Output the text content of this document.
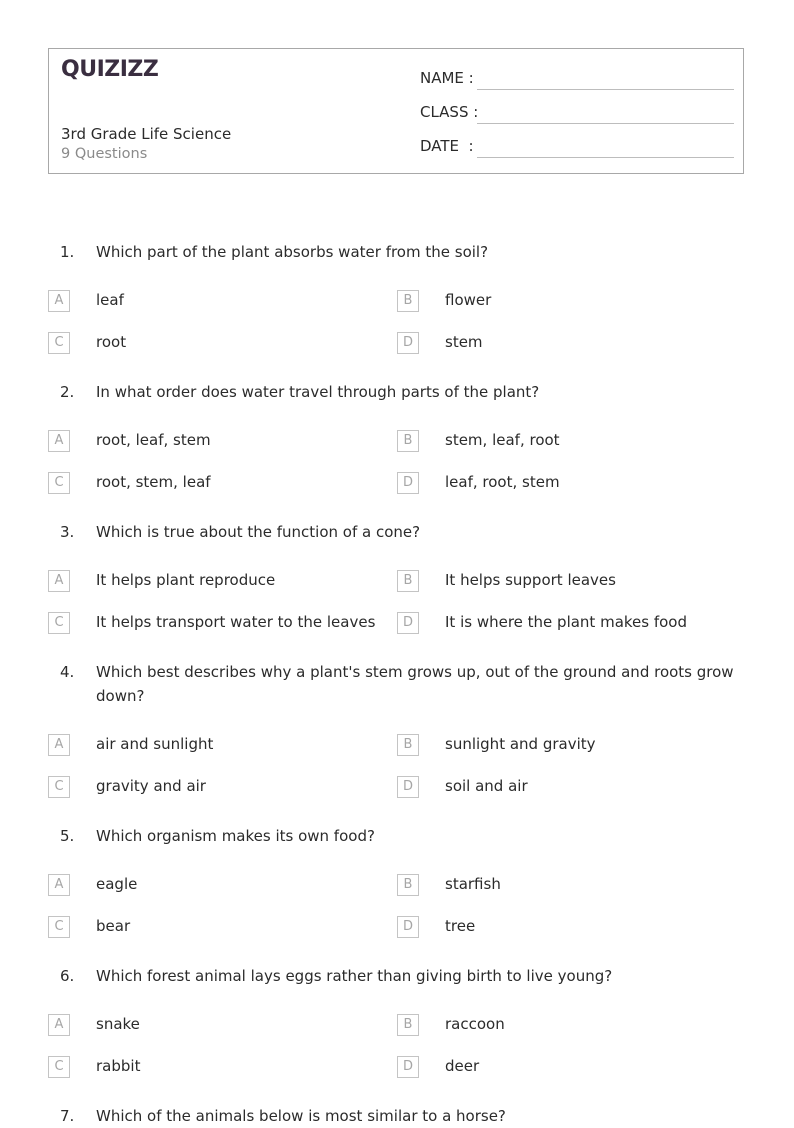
QUIZIZZ
3rd Grade Life Science
9 Questions
NAME :
CLASS :
DATE  :
1. Which part of the plant absorbs water from the soil?
A	leaf	B	flower
C	root	D	stem
2. In what order does water travel through parts of the plant?
A	root, leaf, stem	B	stem, leaf, root
C	root, stem, leaf	D	leaf, root, stem
3. Which is true about the function of a cone?
A	It helps plant reproduce	B	It helps support leaves
C	It helps transport water to the leaves	D	It is where the plant makes food
4. Which best describes why a plant's stem grows up, out of the ground and roots grow down?
A	air and sunlight	B	sunlight and gravity
C	gravity and air	D	soil and air
5. Which organism makes its own food?
A	eagle	B	starfish
C	bear	D	tree
6. Which forest animal lays eggs rather than giving birth to live young?
A	snake	B	raccoon
C	rabbit	D	deer
7. Which of the animals below is most similar to a horse?
